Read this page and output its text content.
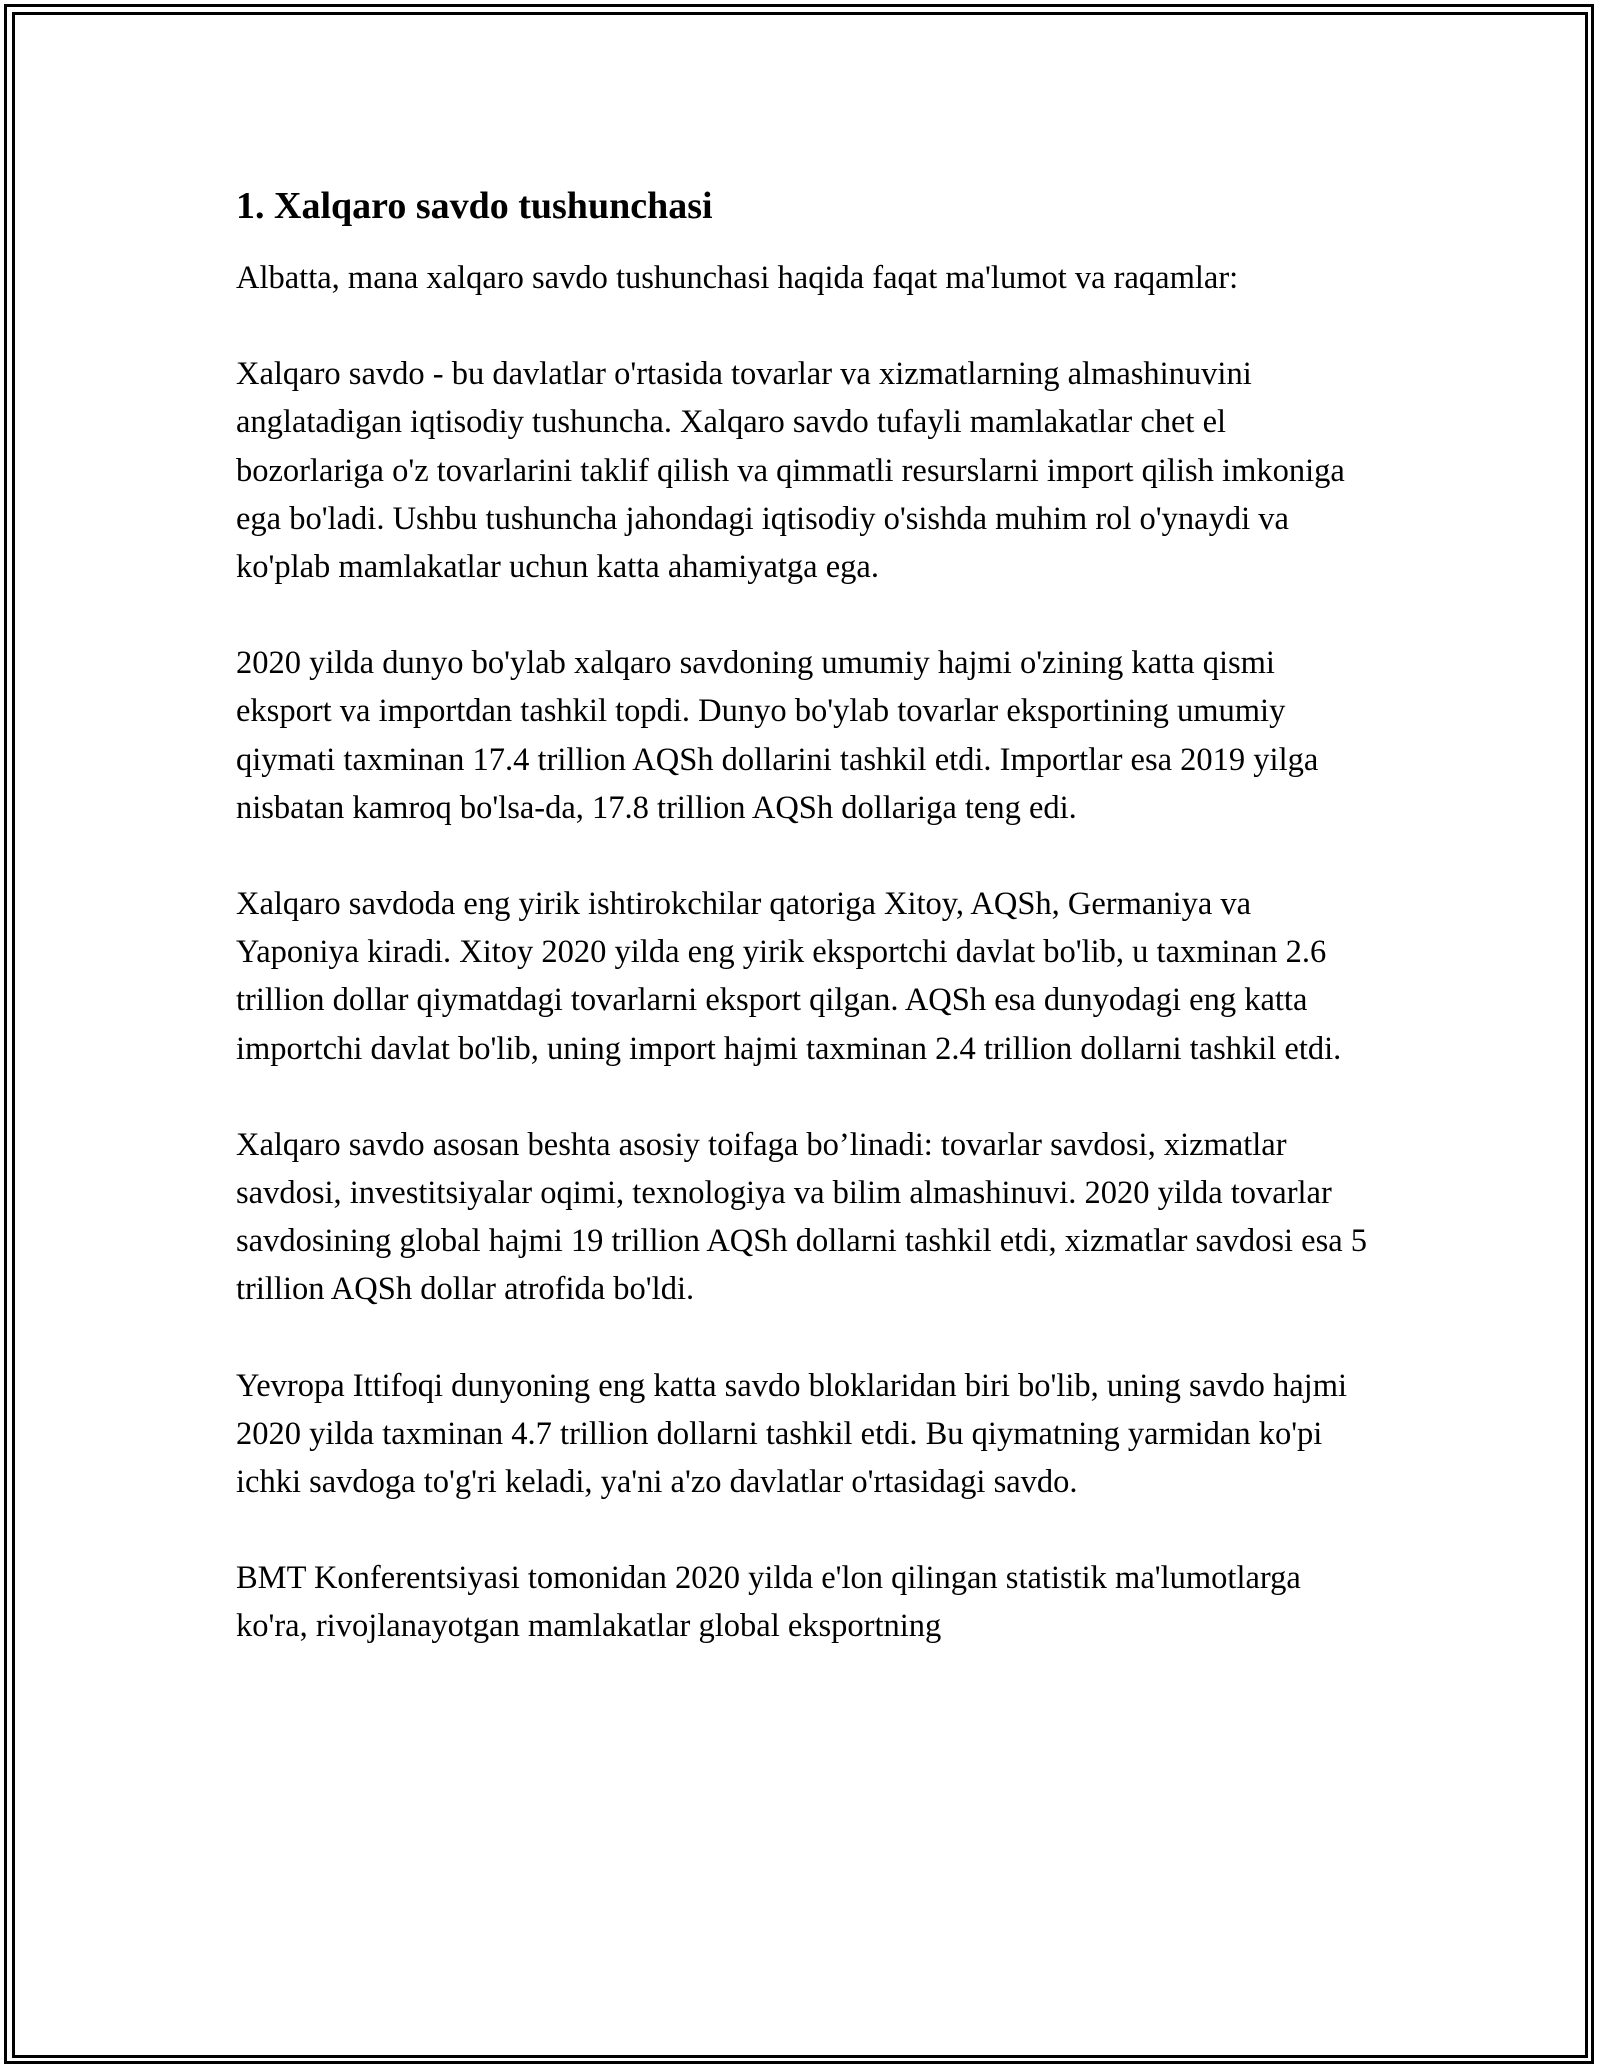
1. Xalqaro savdo tushunchasi

Albatta, mana xalqaro savdo tushunchasi haqida faqat ma'lumot va raqamlar:

Xalqaro savdo - bu davlatlar o'rtasida tovarlar va xizmatlarning almashinuvini anglatadigan iqtisodiy tushuncha. Xalqaro savdo tufayli mamlakatlar chet el bozorlariga o'z tovarlarini taklif qilish va qimmatli resurslarni import qilish imkoniga ega bo'ladi. Ushbu tushuncha jahondagi iqtisodiy o'sishda muhim rol o'ynaydi va ko'plab mamlakatlar uchun katta ahamiyatga ega.

2020 yilda dunyo bo'ylab xalqaro savdoning umumiy hajmi o'zining katta qismi eksport va importdan tashkil topdi. Dunyo bo'ylab tovarlar eksportining umumiy qiymati taxminan 17.4 trillion AQSh dollarini tashkil etdi. Importlar esa 2019 yilga nisbatan kamroq bo'lsa-da, 17.8 trillion AQSh dollariga teng edi.

Xalqaro savdoda eng yirik ishtirokchilar qatoriga Xitoy, AQSh, Germaniya va Yaponiya kiradi. Xitoy 2020 yilda eng yirik eksportchi davlat bo'lib, u taxminan 2.6 trillion dollar qiymatdagi tovarlarni eksport qilgan. AQSh esa dunyodagi eng katta importchi davlat bo'lib, uning import hajmi taxminan 2.4 trillion dollarni tashkil etdi.

Xalqaro savdo asosan beshta asosiy toifaga bo’linadi: tovarlar savdosi, xizmatlar savdosi, investitsiyalar oqimi, texnologiya va bilim almashinuvi. 2020 yilda tovarlar savdosining global hajmi 19 trillion AQSh dollarni tashkil etdi, xizmatlar savdosi esa 5 trillion AQSh dollar atrofida bo'ldi.

Yevropa Ittifoqi dunyoning eng katta savdo bloklaridan biri bo'lib, uning savdo hajmi 2020 yilda taxminan 4.7 trillion dollarni tashkil etdi. Bu qiymatning yarmidan ko'pi ichki savdoga to'g'ri keladi, ya'ni a'zo davlatlar o'rtasidagi savdo.

BMT Konferentsiyasi tomonidan 2020 yilda e'lon qilingan statistik ma'lumotlarga ko'ra, rivojlanayotgan mamlakatlar global eksportning
